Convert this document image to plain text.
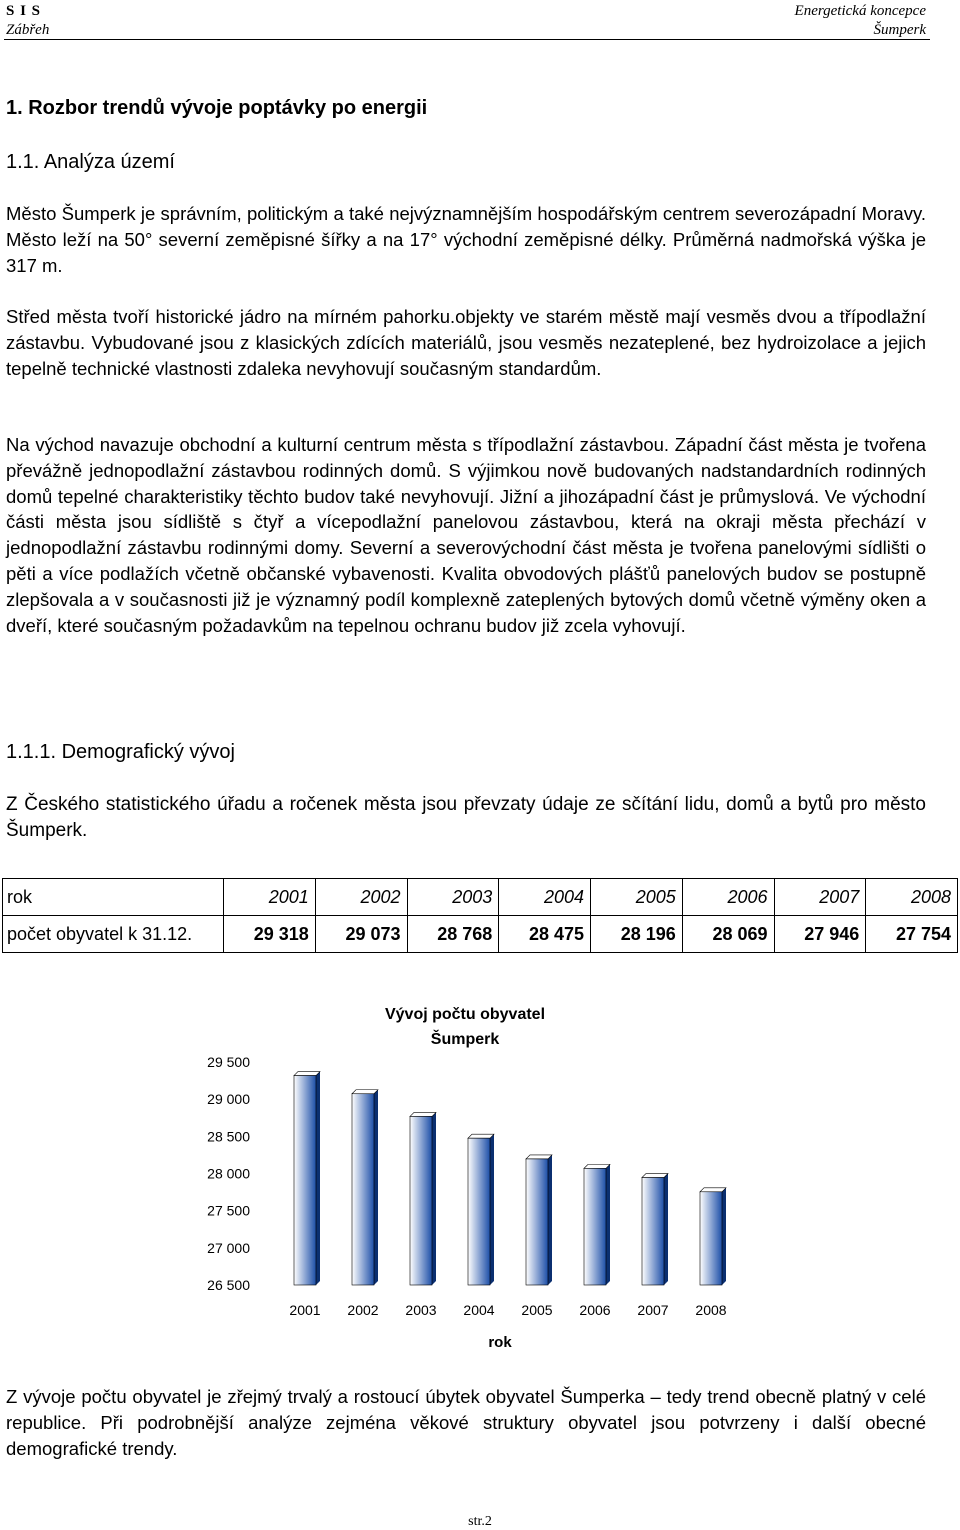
S I S
Zábřeh
Energetická koncepce
Šumperk
1. Rozbor trendů vývoje poptávky po energii
1.1. Analýza území
Město Šumperk je správním, politickým a také nejvýznamnějším hospodářským centrem severozápadní Moravy. Město leží na 50° severní zeměpisné šířky a na 17° východní zeměpisné délky. Průměrná nadmořská výška je 317 m.
Střed města tvoří historické jádro na mírném pahorku.objekty ve starém městě mají vesměs dvou a třípodlažní zástavbu. Vybudované jsou z klasických zdících materiálů, jsou vesměs nezateplené, bez hydroizolace a jejich tepelně technické vlastnosti zdaleka nevyhovují současným standardům.
Na východ navazuje obchodní a kulturní centrum města s třípodlažní zástavbou. Západní část města je tvořena převážně jednopodlažní zástavbou rodinných domů. S výjimkou nově budovaných nadstandardních rodinných domů tepelné charakteristiky těchto budov také nevyhovují. Jižní a jihozápadní část je průmyslová. Ve východní části města jsou sídliště s čtyř a vícepodlažní panelovou zástavbou, která na okraji města přechází v jednopodlažní zástavbu rodinnými domy. Severní a severovýchodní část města je tvořena panelovými sídlišti o pěti a více podlažích včetně občanské vybavenosti. Kvalita obvodových plášťů panelových budov se postupně zlepšovala a v současnosti již je významný podíl komplexně zateplených bytových domů včetně výměny oken a dveří, které současným požadavkům na tepelnou ochranu budov již zcela vyhovují.
1.1.1. Demografický vývoj
Z Českého statistického úřadu a ročenek města jsou převzaty údaje ze sčítání lidu, domů a bytů pro město Šumperk.
rok	2001	2002	2003	2004	2005	2006	2007	2008
počet obyvatel k 31.12.	29 318	29 073	28 768	28 475	28 196	28 069	27 946	27 754
Vývoj počtu obyvatel
Šumperk
26 500
27 000
27 500
28 000
28 500
29 000
29 500
2001 2002 2003 2004 2005 2006 2007 2008
rok
Z vývoje počtu obyvatel je zřejmý trvalý a rostoucí úbytek obyvatel Šumperka – tedy trend obecně platný v celé republice. Při podrobnější analýze zejména věkové struktury obyvatel jsou potvrzeny i další obecné demografické trendy.
str.2
